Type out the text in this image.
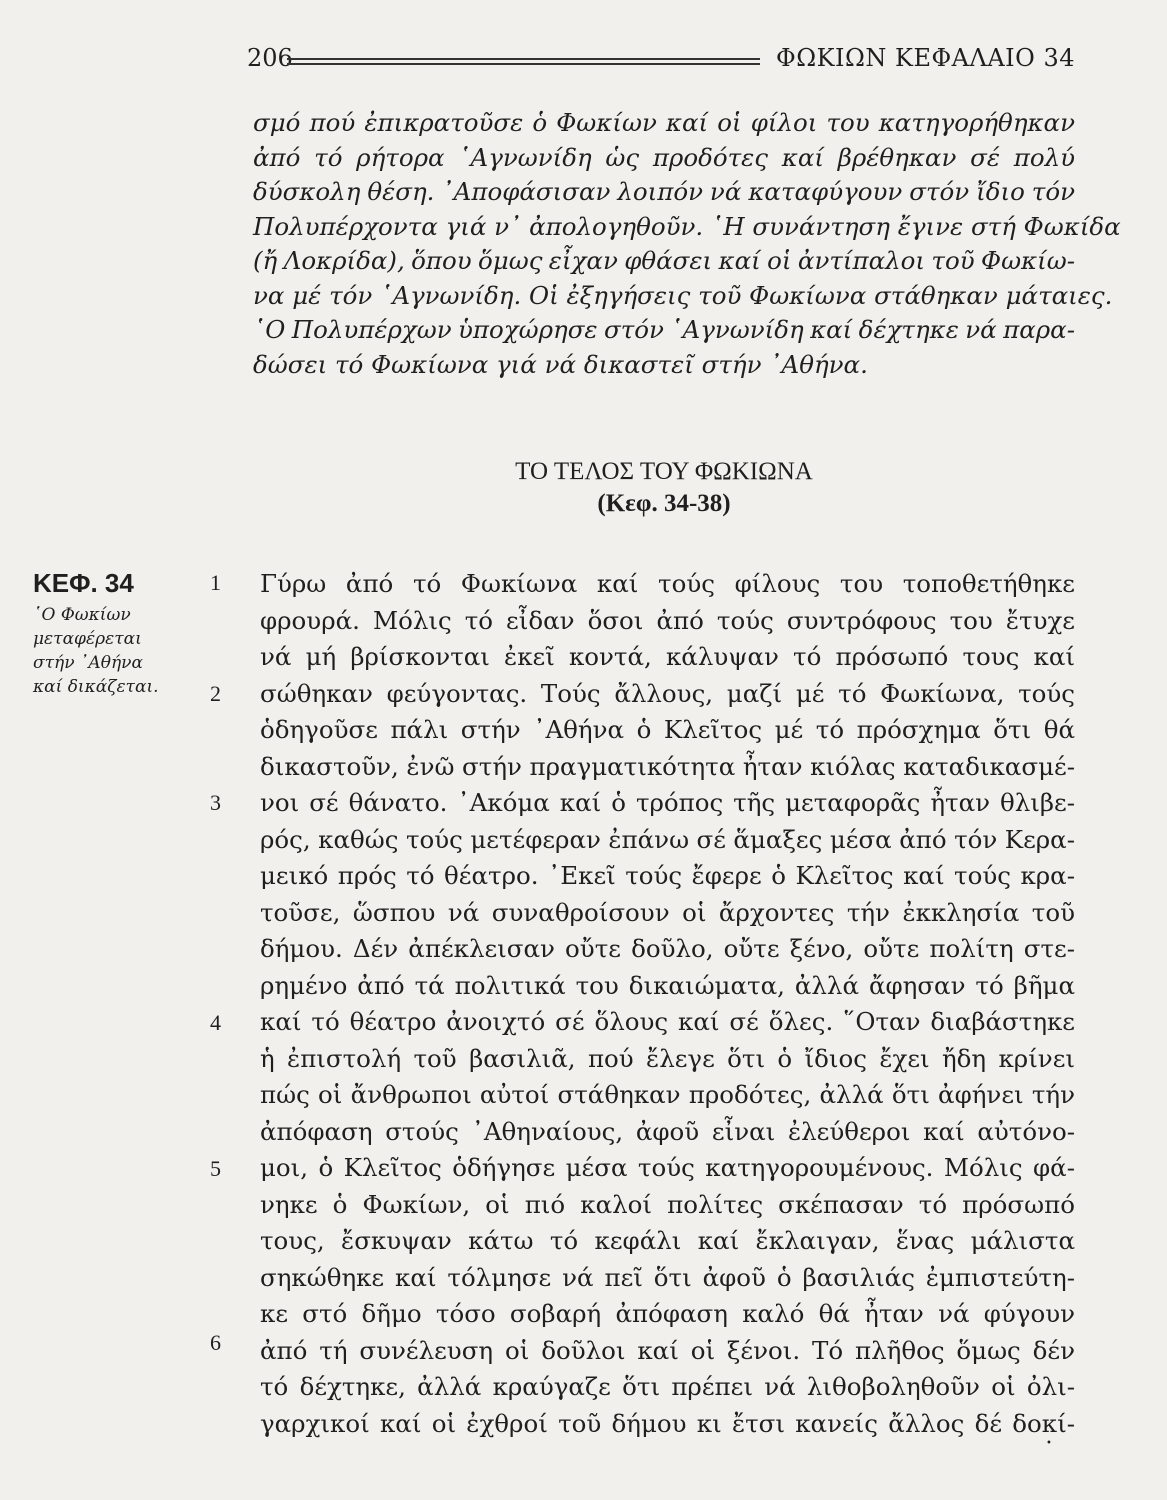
206	ΦΩΚΙΩΝ ΚΕΦΑΛΑΙΟ 34
σμό πού ἐπικρατοῦσε ὁ Φωκίων καί οἱ φίλοι του κατηγορήθηκαν
ἀπό τό ρήτορα ῾Αγνωνίδη ὡς προδότες καί βρέθηκαν σέ πολύ
δύσκολη θέση. ᾿Αποφάσισαν λοιπόν νά καταφύγουν στόν ἴδιο τόν
Πολυπέρχοντα γιά ν᾿ ἀπολογηθοῦν. ῾Η συνάντηση ἔγινε στή Φωκίδα
(ἤ Λοκρίδα), ὅπου ὅμως εἶχαν φθάσει καί οἱ ἀντίπαλοι τοῦ Φωκίω-
να μέ τόν ῾Αγνωνίδη. Οἱ ἐξηγήσεις τοῦ Φωκίωνα στάθηκαν μάταιες.
῾Ο Πολυπέρχων ὑποχώρησε στόν ῾Αγνωνίδη καί δέχτηκε νά παρα-
δώσει τό Φωκίωνα γιά νά δικαστεῖ στήν ᾿Αθήνα.
ΤΟ ΤΕΛΟΣ ΤΟΥ ΦΩΚΙΩΝΑ
(Κεφ. 34-38)
ΚΕΦ. 34
῾Ο Φωκίων
μεταφέρεται
στήν ᾿Αθήνα
καί δικάζεται.
1
2
3
4
5
6
Γύρω ἀπό τό Φωκίωνα καί τούς φίλους του τοποθετήθηκε
φρουρά. Μόλις τό εἶδαν ὅσοι ἀπό τούς συντρόφους του ἔτυχε
νά μή βρίσκονται ἐκεῖ κοντά, κάλυψαν τό πρόσωπό τους καί
σώθηκαν φεύγοντας. Τούς ἄλλους, μαζί μέ τό Φωκίωνα, τούς
ὁδηγοῦσε πάλι στήν ᾿Αθήνα ὁ Κλεῖτος μέ τό πρόσχημα ὅτι θά
δικαστοῦν, ἐνῶ στήν πραγματικότητα ἦταν κιόλας καταδικασμέ-
νοι σέ θάνατο. ᾿Ακόμα καί ὁ τρόπος τῆς μεταφορᾶς ἦταν θλιβε-
ρός, καθώς τούς μετέφεραν ἐπάνω σέ ἅμαξες μέσα ἀπό τόν Κερα-
μεικό πρός τό θέατρο. ᾿Εκεῖ τούς ἔφερε ὁ Κλεῖτος καί τούς κρα-
τοῦσε, ὥσπου νά συναθροίσουν οἱ ἄρχοντες τήν ἐκκλησία τοῦ
δήμου. Δέν ἀπέκλεισαν οὔτε δοῦλο, οὔτε ξένο, οὔτε πολίτη στε-
ρημένο ἀπό τά πολιτικά του δικαιώματα, ἀλλά ἄφησαν τό βῆμα
καί τό θέατρο ἀνοιχτό σέ ὅλους καί σέ ὅλες. ῞Οταν διαβάστηκε
ἡ ἐπιστολή τοῦ βασιλιᾶ, πού ἔλεγε ὅτι ὁ ἴδιος ἔχει ἤδη κρίνει
πώς οἱ ἄνθρωποι αὐτοί στάθηκαν προδότες, ἀλλά ὅτι ἀφήνει τήν
ἀπόφαση στούς ᾿Αθηναίους, ἀφοῦ εἶναι ἐλεύθεροι καί αὐτόνο-
μοι, ὁ Κλεῖτος ὁδήγησε μέσα τούς κατηγορουμένους. Μόλις φά-
νηκε ὁ Φωκίων, οἱ πιό καλοί πολίτες σκέπασαν τό πρόσωπό
τους, ἔσκυψαν κάτω τό κεφάλι καί ἔκλαιγαν, ἕνας μάλιστα
σηκώθηκε καί τόλμησε νά πεῖ ὅτι ἀφοῦ ὁ βασιλιάς ἐμπιστεύτη-
κε στό δῆμο τόσο σοβαρή ἀπόφαση καλό θά ἦταν νά φύγουν
ἀπό τή συνέλευση οἱ δοῦλοι καί οἱ ξένοι. Τό πλῆθος ὅμως δέν
τό δέχτηκε, ἀλλά κραύγαζε ὅτι πρέπει νά λιθοβοληθοῦν οἱ ὀλι-
γαρχικοί καί οἱ ἐχθροί τοῦ δήμου κι ἔτσι κανείς ἄλλος δέ δοκί-
•
